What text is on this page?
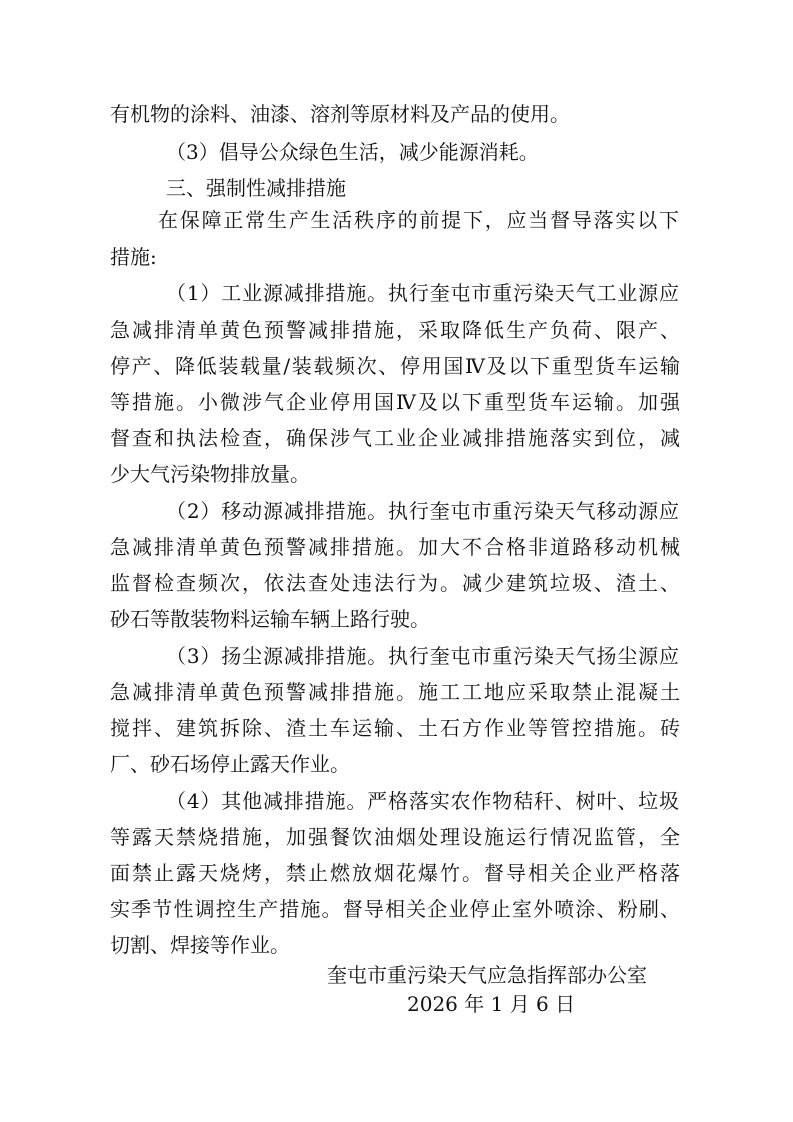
有机物的涂料、油漆、溶剂等原材料及产品的使用。
（3）倡导公众绿色生活，减少能源消耗。
三、强制性减排措施
在保障正常生产生活秩序的前提下，应当督导落实以下
措施:
（1）工业源减排措施。执行奎屯市重污染天气工业源应
急减排清单黄色预警减排措施，采取降低生产负荷、限产、
停产、降低装载量/装载频次、停用国Ⅳ及以下重型货车运输
等措施。小微涉气企业停用国Ⅳ及以下重型货车运输。加强
督查和执法检查，确保涉气工业企业减排措施落实到位，减
少大气污染物排放量。
（2）移动源减排措施。执行奎屯市重污染天气移动源应
急减排清单黄色预警减排措施。加大不合格非道路移动机械
监督检查频次，依法查处违法行为。减少建筑垃圾、渣土、
砂石等散装物料运输车辆上路行驶。
（3）扬尘源减排措施。执行奎屯市重污染天气扬尘源应
急减排清单黄色预警减排措施。施工工地应采取禁止混凝土
搅拌、建筑拆除、渣土车运输、土石方作业等管控措施。砖
厂、砂石场停止露天作业。
（4）其他减排措施。严格落实农作物秸秆、树叶、垃圾
等露天禁烧措施，加强餐饮油烟处理设施运行情况监管，全
面禁止露天烧烤，禁止燃放烟花爆竹。督导相关企业严格落
实季节性调控生产措施。督导相关企业停止室外喷涂、粉刷、
切割、焊接等作业。
奎屯市重污染天气应急指挥部办公室
2026 年 1 月 6 日
